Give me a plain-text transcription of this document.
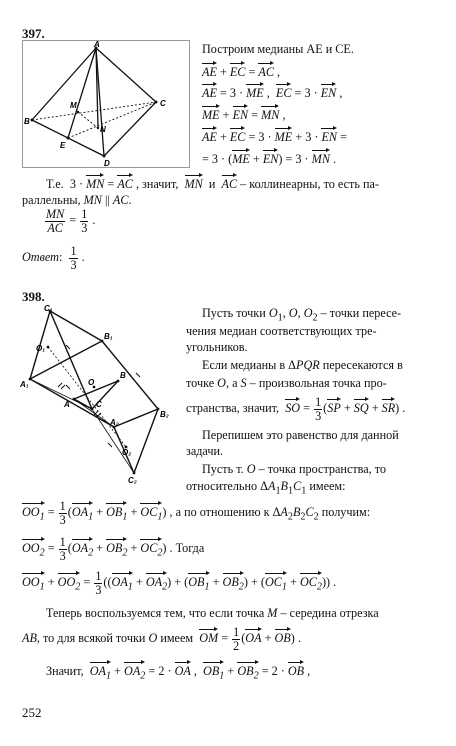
397.
A
B
C
D
E
M
N
Построим медианы AE и CE.
AE + EC = AC ,
AE = 3 · ME ,  EC = 3 · EN ,
ME + EN = MN ,
AE + EC = 3 · ME + 3 · EN =
= 3 · (ME + EN) = 3 · MN .
Т.е.  3 · MN = AC , значит,  MN  и  AC – коллинеарны, то есть па-
раллельны, MN || AC.
$\frac{MN}{AC} = \frac{1}{3}$ .
Ответ: $\frac{1}{3}$ .
398.
C₁
B₁
O₁
A₁
B
O
A	C
B₂
A₂
O₂
C₂
Пусть точки $O_1$, O, $O_2$ – точки пересе-
чения медиан соответствующих тре-
угольников.
Если медианы в ΔPQR пересекаются в
точке O, а S – произвольная точка про-
странства, значит, SO = $\frac{1}{3} (SP$ + SQ + SR) .
Перепишем это равенство для данной
задачи.
Пусть т. O – точка пространства, то
относительно $\Delta A_1B_1C_1$ имеем:
$OO_1 = \frac{1}{3} (OA_1 + OB_1 + OC_1)$ , а по отношению к $\Delta A_2B_2C_2$ получим:
$OO_2 = \frac{1}{3} (OA_2 + OB_2 + OC_2)$ . Тогда
$OO_1 + OO_2 = \frac{1}{3} ((OA_1 + OA_2) + (OB_1 + OB_2) + (OC_1 + OC_2))$ .
Теперь воспользуемся тем, что если точка M – середина отрезка
AB, то для всякой точки O имеем  OM = $\frac{1}{2} (OA + OB)$ .
Значит,  $OA_1 + OA_2 = 2$ · OA ,  $OB_1 + OB_2 = 2$ · OB ,
252
